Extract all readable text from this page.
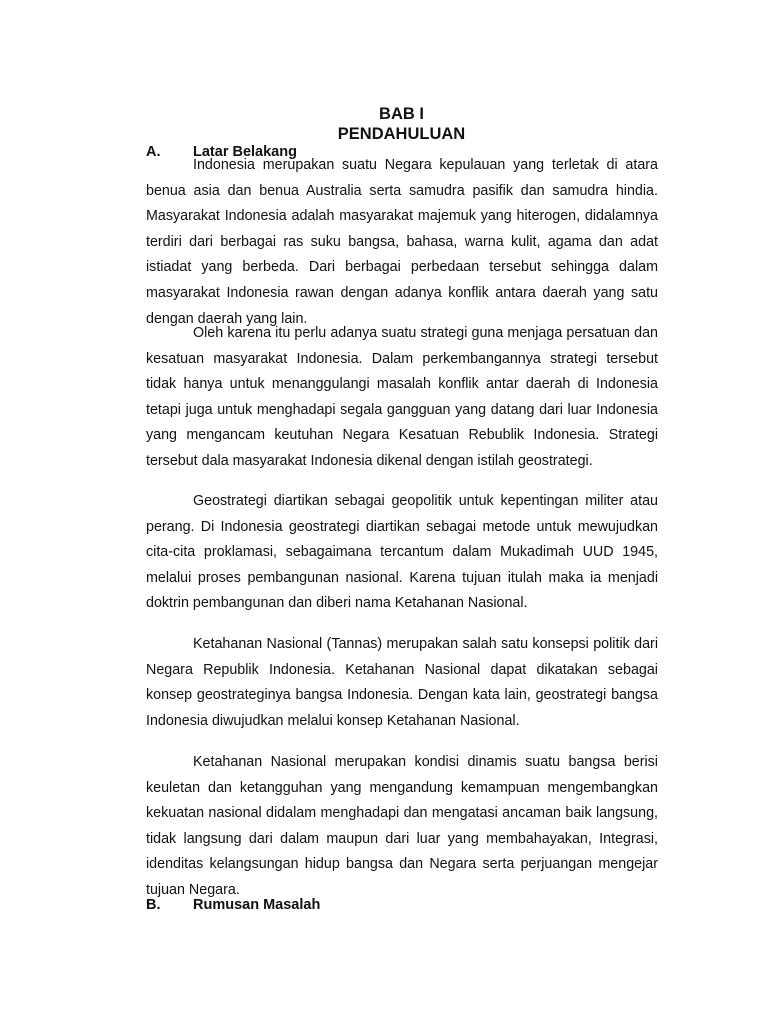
BAB I
PENDAHULUAN
A. Latar Belakang

Indonesia merupakan suatu Negara kepulauan yang terletak di atara benua asia dan benua Australia serta samudra pasifik dan samudra hindia. Masyarakat Indonesia adalah masyarakat majemuk yang hiterogen, didalamnya terdiri dari berbagai ras suku bangsa, bahasa, warna kulit, agama dan adat istiadat yang berbeda. Dari berbagai perbedaan tersebut sehingga dalam masyarakat Indonesia rawan dengan adanya konflik antara daerah yang satu dengan daerah yang lain.

Oleh karena itu perlu adanya suatu strategi guna menjaga persatuan dan kesatuan masyarakat Indonesia. Dalam perkembangannya strategi tersebut tidak hanya untuk menanggulangi masalah konflik antar daerah di Indonesia tetapi juga untuk menghadapi segala gangguan yang datang dari luar Indonesia yang mengancam keutuhan Negara Kesatuan Rebublik Indonesia. Strategi tersebut dala masyarakat Indonesia dikenal dengan istilah geostrategi.

Geostrategi diartikan sebagai geopolitik untuk kepentingan militer atau perang. Di Indonesia geostrategi diartikan sebagai metode untuk mewujudkan cita-cita proklamasi, sebagaimana tercantum dalam Mukadimah UUD 1945, melalui proses pembangunan nasional. Karena tujuan itulah maka ia menjadi doktrin pembangunan dan diberi nama Ketahanan Nasional.

Ketahanan Nasional (Tannas) merupakan salah satu konsepsi politik dari Negara Republik Indonesia. Ketahanan Nasional dapat dikatakan sebagai konsep geostrateginya bangsa Indonesia. Dengan kata lain, geostrategi bangsa Indonesia diwujudkan melalui konsep Ketahanan Nasional.

Ketahanan Nasional merupakan kondisi dinamis suatu bangsa berisi keuletan dan ketangguhan yang mengandung kemampuan mengembangkan kekuatan nasional didalam menghadapi dan mengatasi ancaman baik langsung, tidak langsung dari dalam maupun dari luar yang membahayakan, Integrasi, idenditas kelangsungan hidup bangsa dan Negara serta perjuangan mengejar tujuan Negara.

B. Rumusan Masalah
